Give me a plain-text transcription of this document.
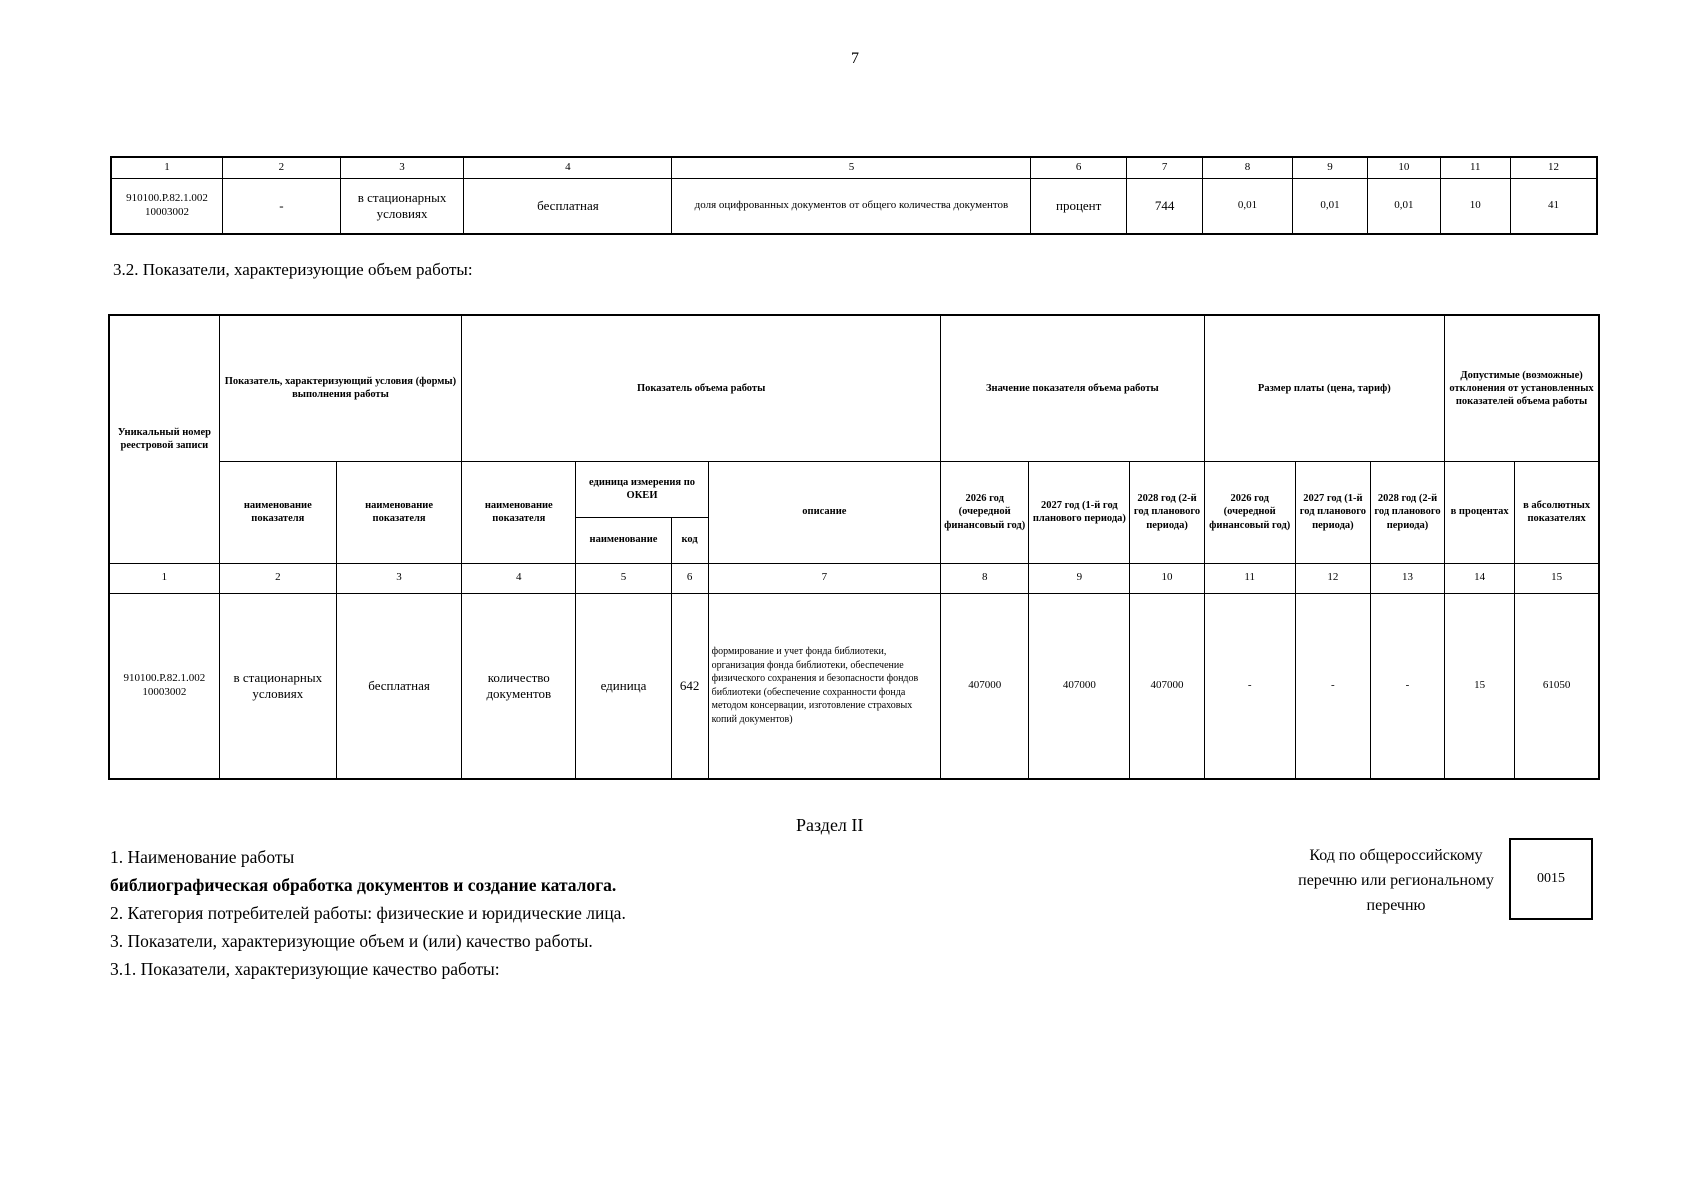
7
1	2	3	4	5	6	7	8	9	10	11	12
910100.Р.82.1.002 10003002	-	в стационарных условиях	бесплатная	доля оцифрованных документов от общего количества документов	процент	744	0,01	0,01	0,01	10	41
3.2. Показатели, характеризующие объем работы:
Уникальный номер реестровой записи	Показатель, характеризующий условия (формы) выполнения работы		Показатель объема работы				Значение показателя объема работы			Размер платы (цена, тариф)			Допустимые (возможные) отклонения от установленных показателей объема работы	
	наименование показателя	наименование показателя	наименование показателя	единица измерения по ОКЕИ		описание	2026 год (очередной финансовый год)	2027 год (1-й год планового периода)	2028 год (2-й год планового периода)	2026 год (очередной финансовый год)	2027 год (1-й год планового периода)	2028 год (2-й год планового периода)	в процентах	в абсолютных показателях
				наименование	код									
1	2	3	4	5	6	7	8	9	10	11	12	13	14	15
910100.Р.82.1.002 10003002	в стационарных условиях	бесплатная	количество документов	единица	642	формирование и учет фонда библиотеки, организация фонда библиотеки, обеспечение физического сохранения и безопасности фондов библиотеки (обеспечение сохранности фонда методом консервации, изготовление страховых копий документов)	407000	407000	407000	-	-	-	15	61050
Раздел II
1. Наименование работы
библиографическая обработка документов и создание каталога.
2. Категория потребителей работы: физические и юридические лица.
3. Показатели, характеризующие объем и (или) качество работы.
3.1. Показатели, характеризующие качество работы:
Код по общероссийскому перечню или региональному перечню
0015
